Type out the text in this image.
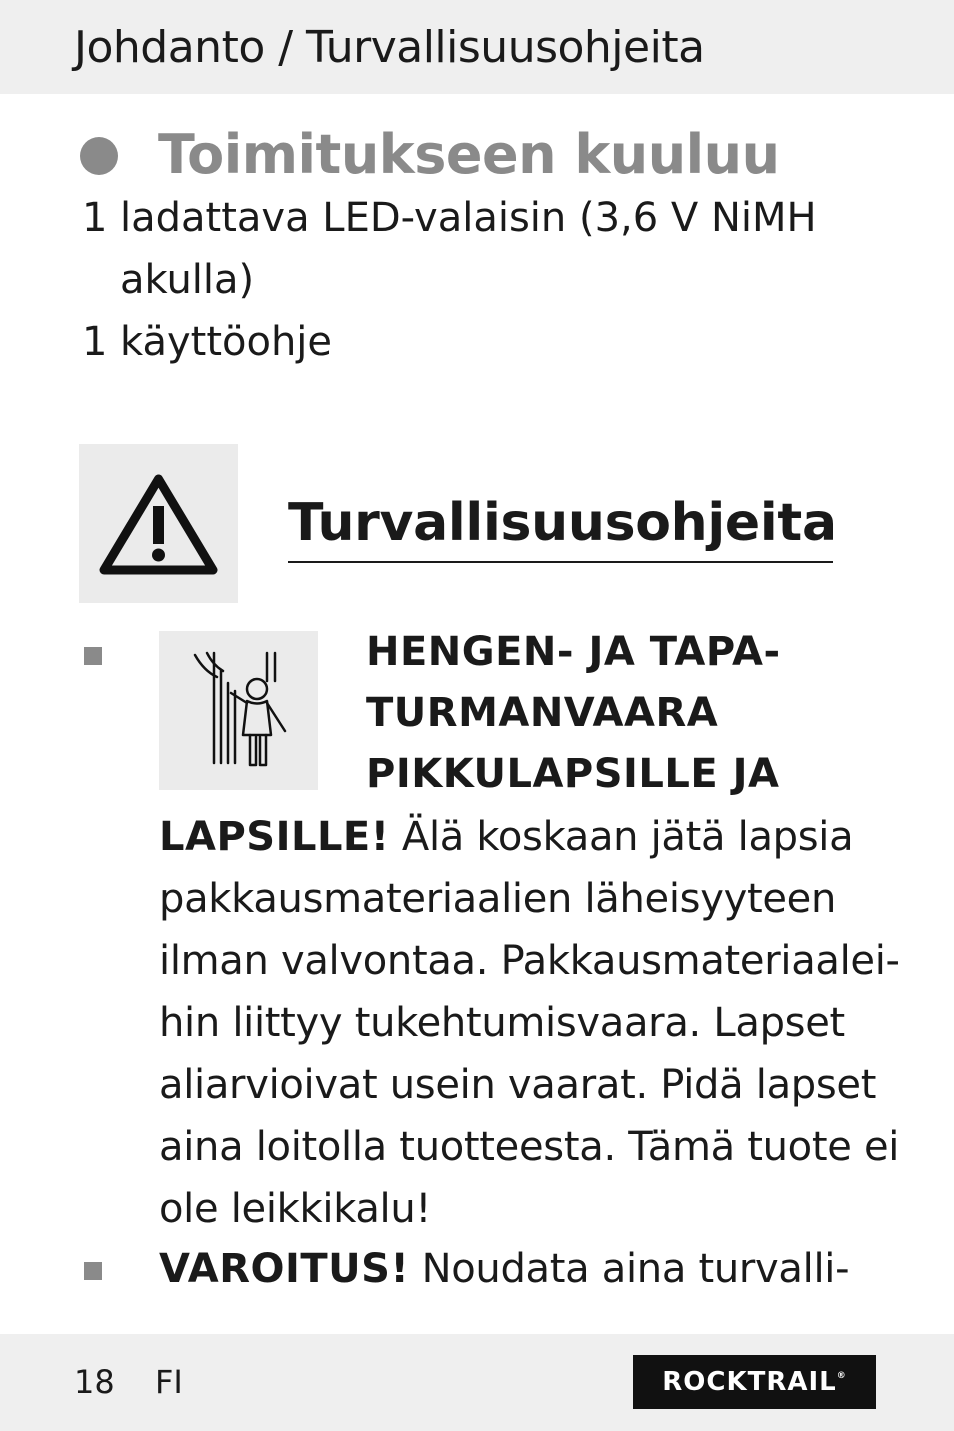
Johdanto / Turvallisuusohjeita
Toimitukseen kuuluu
1 ladattava LED-valaisin (3,6 V NiMH
akulla)
1 käyttöohje
Turvallisuusohjeita
HENGEN- JA TAPA-
TURMANVAARA
PIKKULAPSILLE JA
LAPSILLE! Älä koskaan jätä lapsia
pakkausmateriaalien läheisyyteen
ilman valvontaa. Pakkausmateriaalei-
hin liittyy tukehtumisvaara. Lapset
aliarvioivat usein vaarat. Pidä lapset
aina loitolla tuotteesta. Tämä tuote ei
ole leikkikalu!
VAROITUS! Noudata aina turvalli-
18 FI	ROCKTRAIL®
